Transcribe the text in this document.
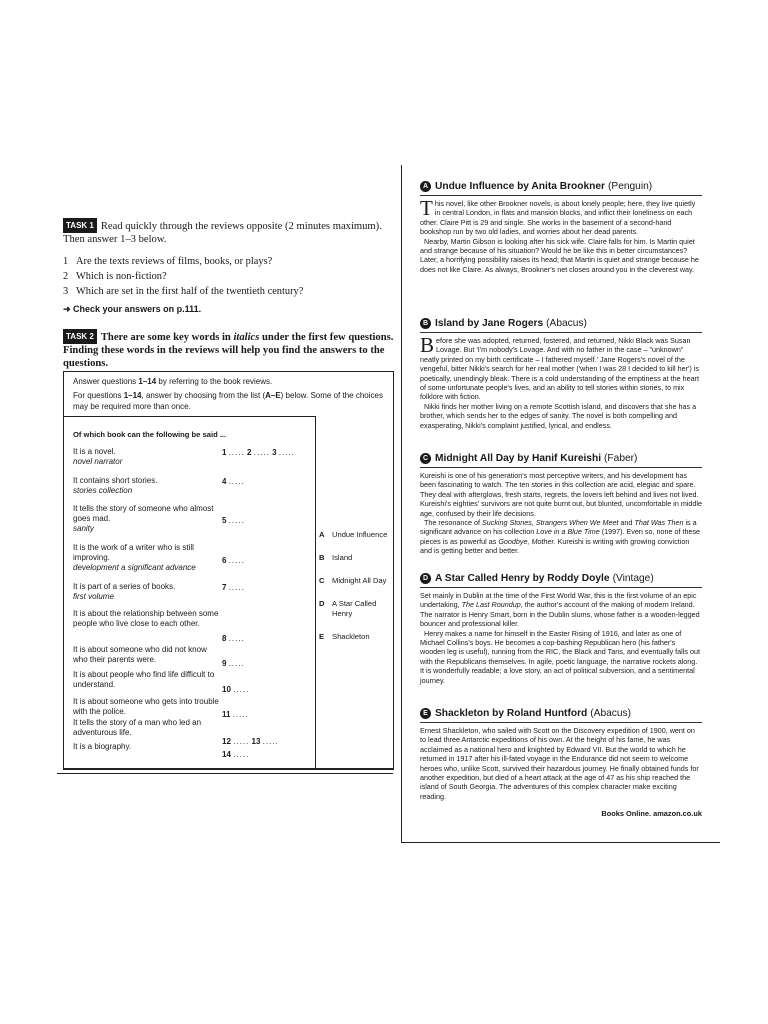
TASK 1 Read quickly through the reviews opposite (2 minutes maximum). Then answer 1–3 below.
1 Are the texts reviews of films, books, or plays?
2 Which is non-fiction?
3 Which are set in the first half of the twentieth century?
➜ Check your answers on p.111.
TASK 2 There are some key words in italics under the first few questions. Finding these words in the reviews will help you find the answers to the questions.

Answer questions 1–14 by referring to the book reviews.

For questions 1–14, answer by choosing from the list (A–E) below. Some of the choices may be required more than once.

Of which book can the following be said ...
It is a novel.
novel narrator
1 ..... 2 ..... 3 .....
It contains short stories.
stories collection
4 .....
It tells the story of someone who almost goes mad.
sanity
5 .....
It is the work of a writer who is still improving.
development a significant advance
6 .....
It is part of a series of books.
first volume
7 .....
It is about the relationship between some people who live close to each other.
8 .....
It is about someone who did not know who their parents were.	9 .....
It is about people who find life difficult to understand.
10 .....
It is about someone who gets into trouble with the police.	11 .....
It tells the story of a man who led an adventurous life.
12 ..... 13 .....
It is a biography.
14 .....
A Undue Influence
B Island
C Midnight All Day
D A Star Called Henry
E	Shackleton
A Undue Influence by Anita Brookner (Penguin)

This novel, like other Brookner novels, is about lonely people; here, they live quietly in central London, in flats and mansion blocks, and inflict their loneliness on each other. Claire Pitt is 29 and single. She works in the basement of a second-hand bookshop run by two old ladies, and worries about her dead parents.

Nearby, Martin Gibson is looking after his sick wife. Claire falls for him. Is Martin quiet and strange because of his situation? Would he be like this in better circumstances? Later, a horrifying possibility raises its head; that Martin is quiet and strange because he does not like Claire. As always, Brookner's net closes around you in the cleverest way.

B Island by Jane Rogers (Abacus)

Before she was adopted, returned, fostered, and returned, Nikki Black was Susan Lovage. But 'I'm nobody's Lovage. And with no father in the case – "unknown" neatly printed on my birth certificate – I fathered myself.' Jane Rogers's novel of the vengeful, bitter Nikki's search for her real mother ('when I was 28 I decided to kill her') is poetically, unendingly bleak. There is a cold understanding of the emptiness at the heart of some unfortunate people's lives, and an ability to tell stories within stories, to mix folklore with fiction.

Nikki finds her mother living on a remote Scottish island, and discovers that she has a brother, which sends her to the edges of sanity. The novel is both compelling and exasperating, Nikki's complaint justified, lyrical, and endless.

C Midnight All Day by Hanif Kureishi (Faber)

Kureishi is one of his generation's most perceptive writers, and his development has been fascinating to watch. The ten stories in this collection are acid, elegiac and spare. They deal with afterglows, fresh starts, regrets, the lovers left behind and lives not lived. Kureishi's eighties' survivors are not quite burnt out, but blunted, uncomfortable in middle age, confused by their life decisions.

The resonance of Sucking Stones, Strangers When We Meet and That Was Then is a significant advance on his collection Love in a Blue Time (1997). Even so, none of these pieces is as powerful as Goodbye, Mother. Kureishi is writing with growing conviction and is getting better and better.

D A Star Called Henry by Roddy Doyle (Vintage)

Set mainly in Dublin at the time of the First World War, this is the first volume of an epic undertaking, The Last Roundup, the author's account of the making of modern Ireland. The narrator is Henry Smart, born in the Dublin slums, whose father is a wooden-legged bouncer and professional killer.

Henry makes a name for himself in the Easter Rising of 1916, and later as one of Michael Collins's boys. He becomes a cop-bashing Republican hero (his father's wooden leg is useful), running from the RIC, the Black and Tans, and eventually falls out with the Republicans themselves. In agile, poetic language, the narrative rockets along. It is wonderfully readable; a love story, an act of political subversion, and a sentimental journey.

E Shackleton by Roland Huntford (Abacus)

Ernest Shackleton, who sailed with Scott on the Discovery expedition of 1900, went on to lead three Antarctic expeditions of his own. At the height of his fame, he was acclaimed as a national hero and knighted by Edward VII. But the world to which he returned in 1917 after his ill-fated voyage in the Endurance did not seem to welcome heroes who, unlike Scott, survived their hazardous journey. He finally obtained funds for another expedition, but died of a heart attack at the age of 47 as his ship reached the island of South Georgia. The adventures of this complex character make exciting reading.

Books Online. amazon.co.uk
